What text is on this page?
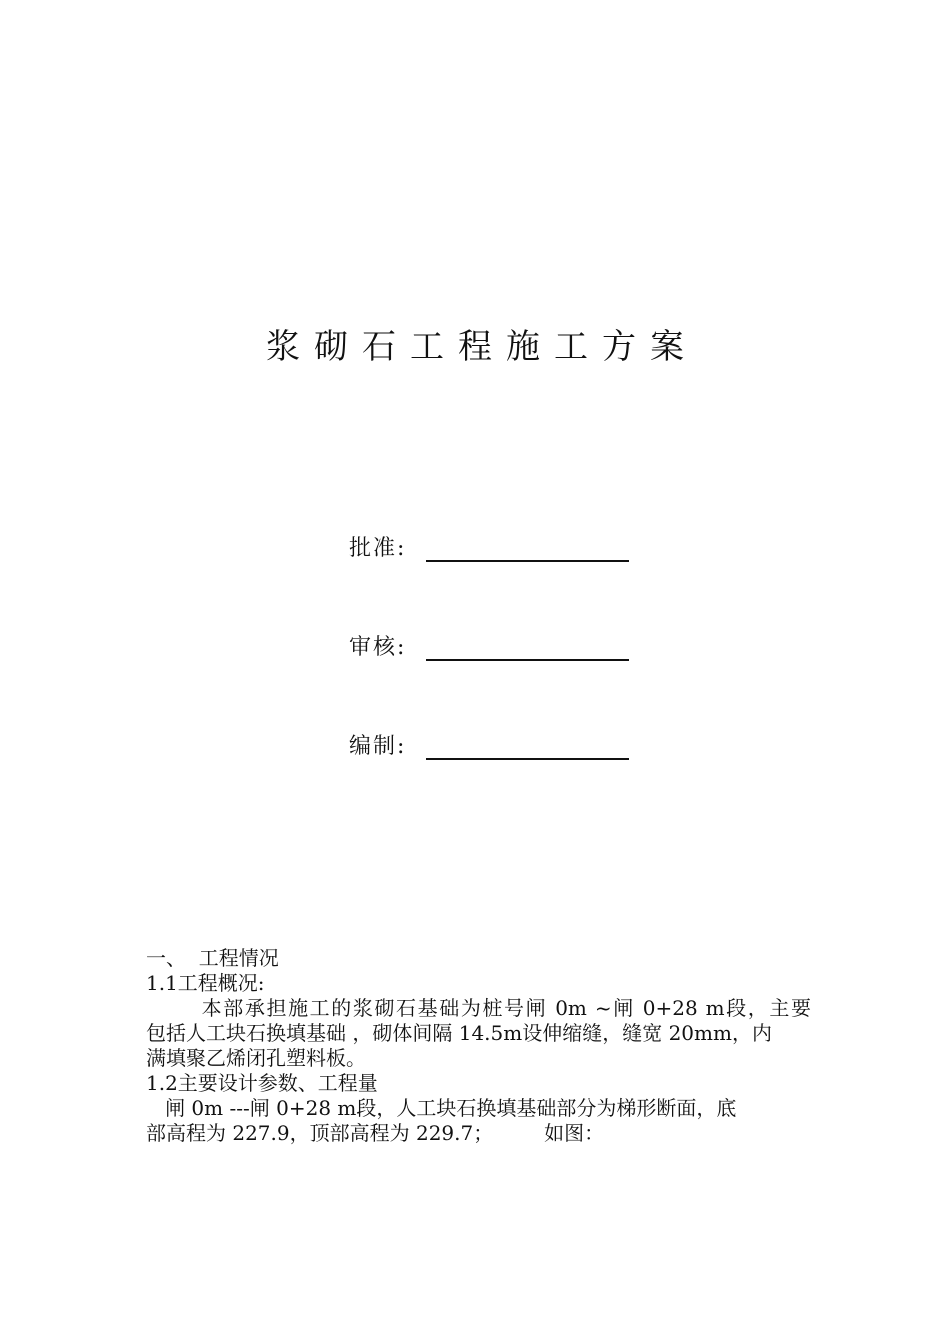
浆砌石工程施工方案
批准:
审核:
编制:
一、  工程情况
1.1工程概况:
本部承担施工的浆砌石基础为桩号闸 0m ~闸 0+28 m段，主要
包括人工块石换填基础 ，砌体间隔 14.5m设伸缩缝，缝宽 20mm，内
满填聚乙烯闭孔塑料板。
1.2主要设计参数、工程量
闸 0m ---闸 0+28 m段，人工块石换填基础部分为梯形断面，底
部高程为 227.9，顶部高程为 229.7；        如图：
